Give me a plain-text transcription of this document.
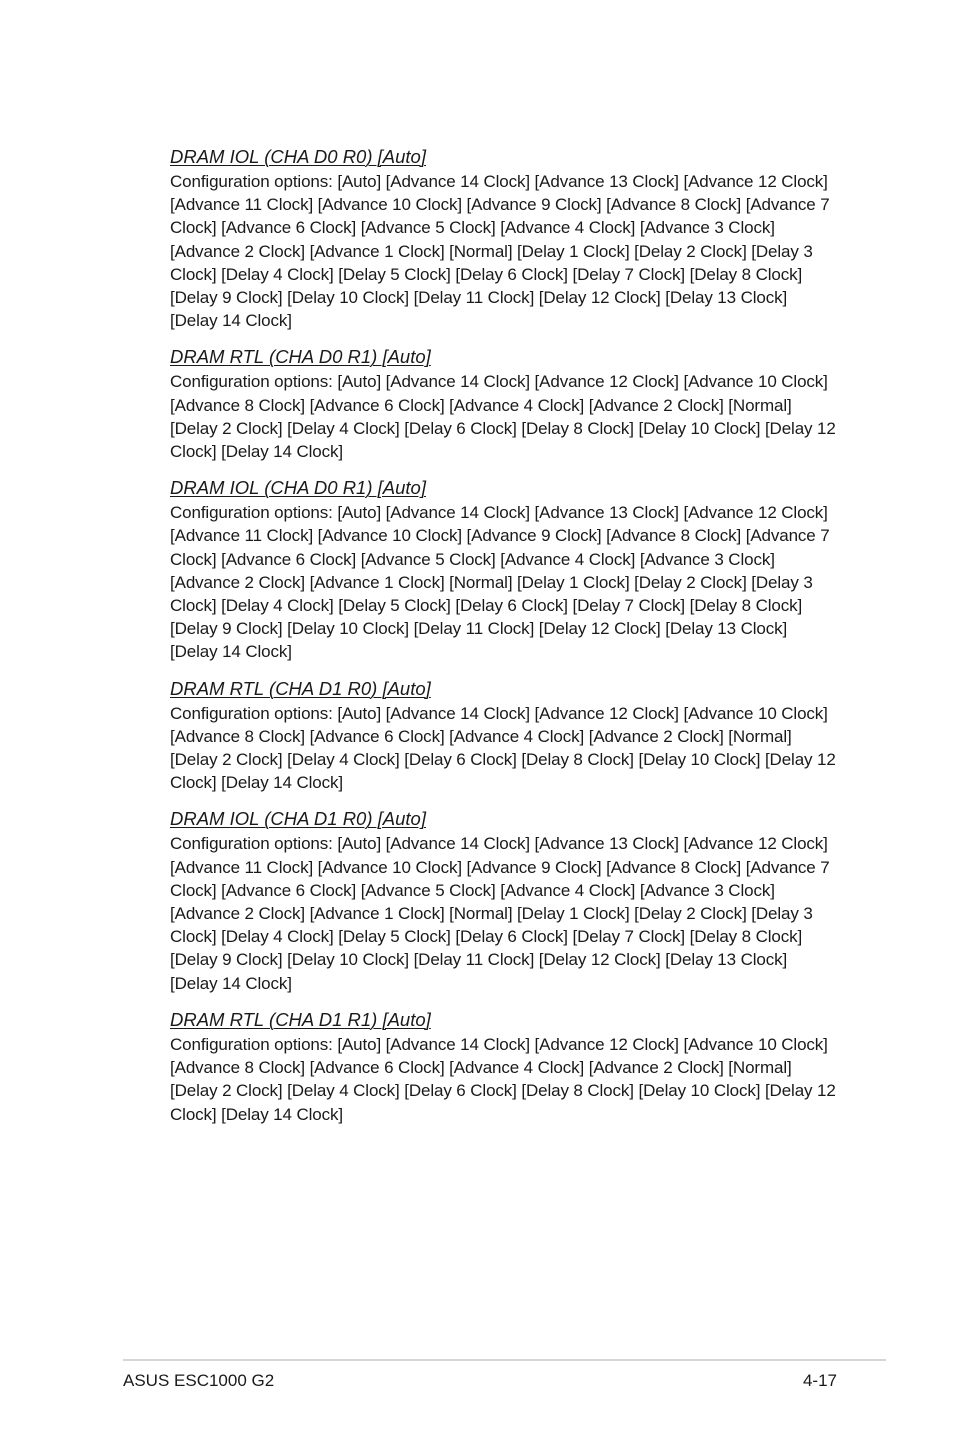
DRAM IOL (CHA D0 R0) [Auto]

Configuration options: [Auto] [Advance 14 Clock] [Advance 13 Clock] [Advance 12 Clock] [Advance 11 Clock] [Advance 10 Clock] [Advance 9 Clock] [Advance 8 Clock] [Advance 7 Clock] [Advance 6 Clock] [Advance 5 Clock] [Advance 4 Clock] [Advance 3 Clock] [Advance 2 Clock] [Advance 1 Clock] [Normal] [Delay 1 Clock] [Delay 2 Clock] [Delay 3 Clock] [Delay 4 Clock] [Delay 5 Clock] [Delay 6 Clock] [Delay 7 Clock] [Delay 8 Clock] [Delay 9 Clock] [Delay 10 Clock] [Delay 11 Clock] [Delay 12 Clock] [Delay 13 Clock] [Delay 14 Clock]

DRAM RTL (CHA D0 R1) [Auto]

Configuration options: [Auto] [Advance 14 Clock] [Advance 12 Clock] [Advance 10 Clock] [Advance 8 Clock] [Advance 6 Clock] [Advance 4 Clock] [Advance 2 Clock] [Normal] [Delay 2 Clock] [Delay 4 Clock] [Delay 6 Clock] [Delay 8 Clock] [Delay 10 Clock] [Delay 12 Clock] [Delay 14 Clock]

DRAM IOL (CHA D0 R1) [Auto]

Configuration options: [Auto] [Advance 14 Clock] [Advance 13 Clock] [Advance 12 Clock] [Advance 11 Clock] [Advance 10 Clock] [Advance 9 Clock] [Advance 8 Clock] [Advance 7 Clock] [Advance 6 Clock] [Advance 5 Clock] [Advance 4 Clock] [Advance 3 Clock] [Advance 2 Clock] [Advance 1 Clock] [Normal] [Delay 1 Clock] [Delay 2 Clock] [Delay 3 Clock] [Delay 4 Clock] [Delay 5 Clock] [Delay 6 Clock] [Delay 7 Clock] [Delay 8 Clock] [Delay 9 Clock] [Delay 10 Clock] [Delay 11 Clock] [Delay 12 Clock] [Delay 13 Clock] [Delay 14 Clock]

DRAM RTL (CHA D1 R0) [Auto]

Configuration options: [Auto] [Advance 14 Clock] [Advance 12 Clock] [Advance 10 Clock] [Advance 8 Clock] [Advance 6 Clock] [Advance 4 Clock] [Advance 2 Clock] [Normal] [Delay 2 Clock] [Delay 4 Clock] [Delay 6 Clock] [Delay 8 Clock] [Delay 10 Clock] [Delay 12 Clock] [Delay 14 Clock]

DRAM IOL (CHA D1 R0) [Auto]

Configuration options: [Auto] [Advance 14 Clock] [Advance 13 Clock] [Advance 12 Clock] [Advance 11 Clock] [Advance 10 Clock] [Advance 9 Clock] [Advance 8 Clock] [Advance 7 Clock] [Advance 6 Clock] [Advance 5 Clock] [Advance 4 Clock] [Advance 3 Clock] [Advance 2 Clock] [Advance 1 Clock] [Normal] [Delay 1 Clock] [Delay 2 Clock] [Delay 3 Clock] [Delay 4 Clock] [Delay 5 Clock] [Delay 6 Clock] [Delay 7 Clock] [Delay 8 Clock] [Delay 9 Clock] [Delay 10 Clock] [Delay 11 Clock] [Delay 12 Clock] [Delay 13 Clock] [Delay 14 Clock]

DRAM RTL (CHA D1 R1) [Auto]

Configuration options: [Auto] [Advance 14 Clock] [Advance 12 Clock] [Advance 10 Clock] [Advance 8 Clock] [Advance 6 Clock] [Advance 4 Clock] [Advance 2 Clock] [Normal] [Delay 2 Clock] [Delay 4 Clock] [Delay 6 Clock] [Delay 8 Clock] [Delay 10 Clock] [Delay 12 Clock] [Delay 14 Clock]

ASUS ESC1000 G2	4-17
